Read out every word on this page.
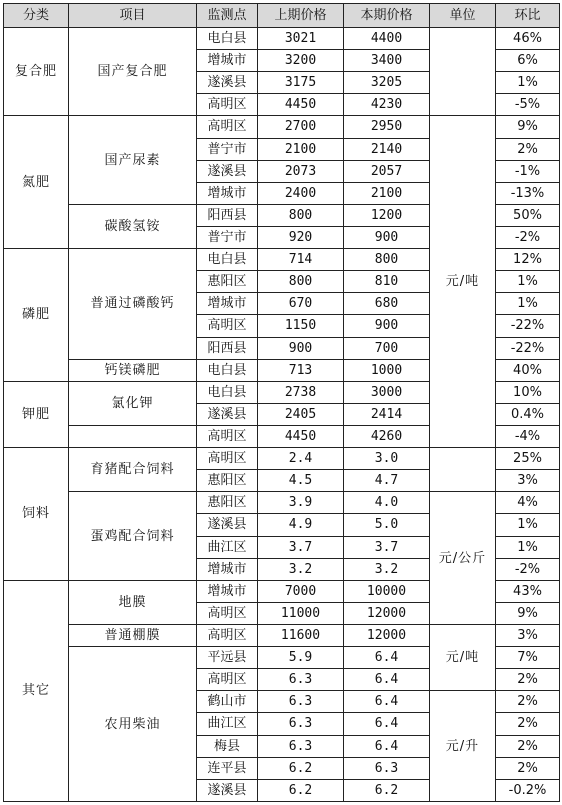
分类	项目	监测点	上期价格	本期价格	单位	环比
复合肥	国产复合肥	电白县	3021	4400		46%
		增城市	3200	3400		6%
		遂溪县	3175	3205		1%
		高明区	4450	4230		-5%
氮肥	国产尿素	高明区	2700	2950	元/吨	9%
		普宁市	2100	2140		2%
		遂溪县	2073	2057		-1%
		增城市	2400	2100		-13%
	碳酸氢铵	阳西县	800	1200		50%
		普宁市	920	900		-2%
磷肥	普通过磷酸钙	电白县	714	800		12%
		惠阳区	800	810		1%
		增城市	670	680		1%
		高明区	1150	900		-22%
		阳西县	900	700		-22%
	钙镁磷肥	电白县	713	1000		40%
钾肥	氯化钾	电白县	2738	3000		10%
		遂溪县	2405	2414		0.4%
		高明区	4450	4260		-4%
饲料	育猪配合饲料	高明区	2.4	3.0		25%
		惠阳区	4.5	4.7		3%
	蛋鸡配合饲料	惠阳区	3.9	4.0	元/公斤	4%
		遂溪县	4.9	5.0		1%
		曲江区	3.7	3.7		1%
		增城市	3.2	3.2		-2%
其它	地膜	增城市	7000	10000		43%
		高明区	11000	12000		9%
	普通棚膜	高明区	11600	12000	元/吨	3%
	农用柴油	平远县	5.9	6.4		7%
		高明区	6.3	6.4		2%
		鹤山市	6.3	6.4	元/升	2%
		曲江区	6.3	6.4		2%
		梅县	6.3	6.4		2%
		连平县	6.2	6.3		2%
		遂溪县	6.2	6.2		-0.2%
